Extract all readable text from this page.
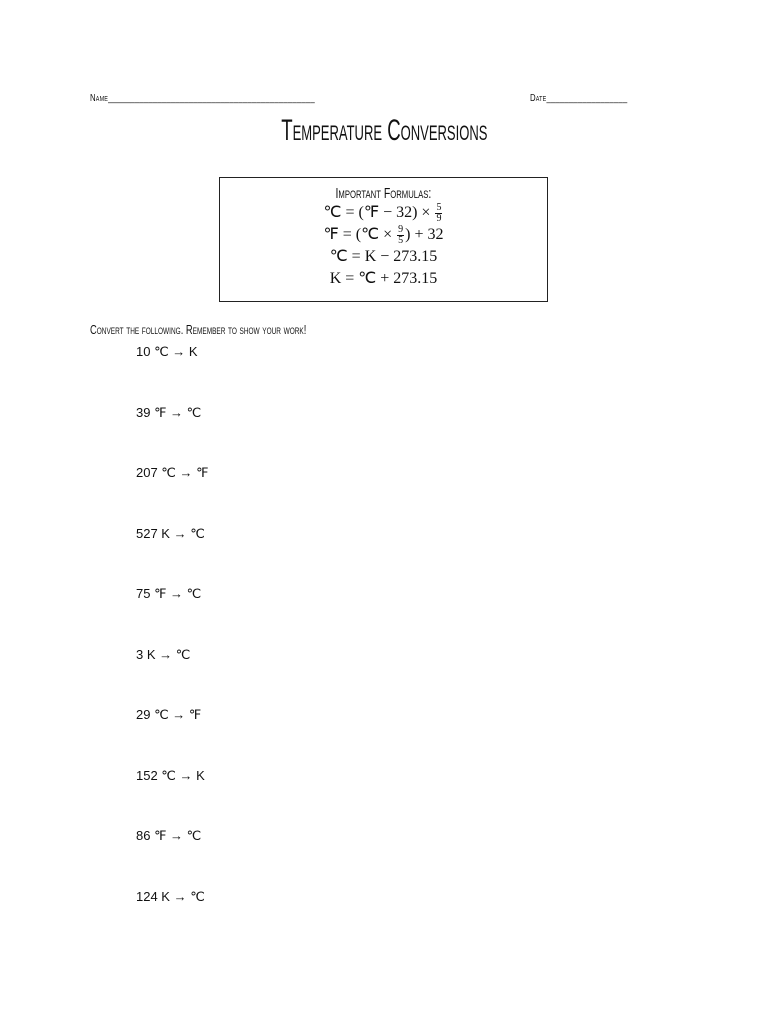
Name______________________________________________	Date__________________
Temperature Conversions
Important Formulas:
℃ = (℉ − $32) \times \frac{5}{9}$
℉ = (℃ × $\frac{9}{5}$ ) + 32
℃ = K − 273.15
K = ℃ + 273.15
Convert the following. Remember to show your work!
10 ℃ → K
39 ℉ → ℃
207 ℃ → ℉
527 K → ℃
75 ℉ → ℃
3 K → ℃
29 ℃ → ℉
152 ℃ → K
86 ℉ → ℃
124 K → ℃
